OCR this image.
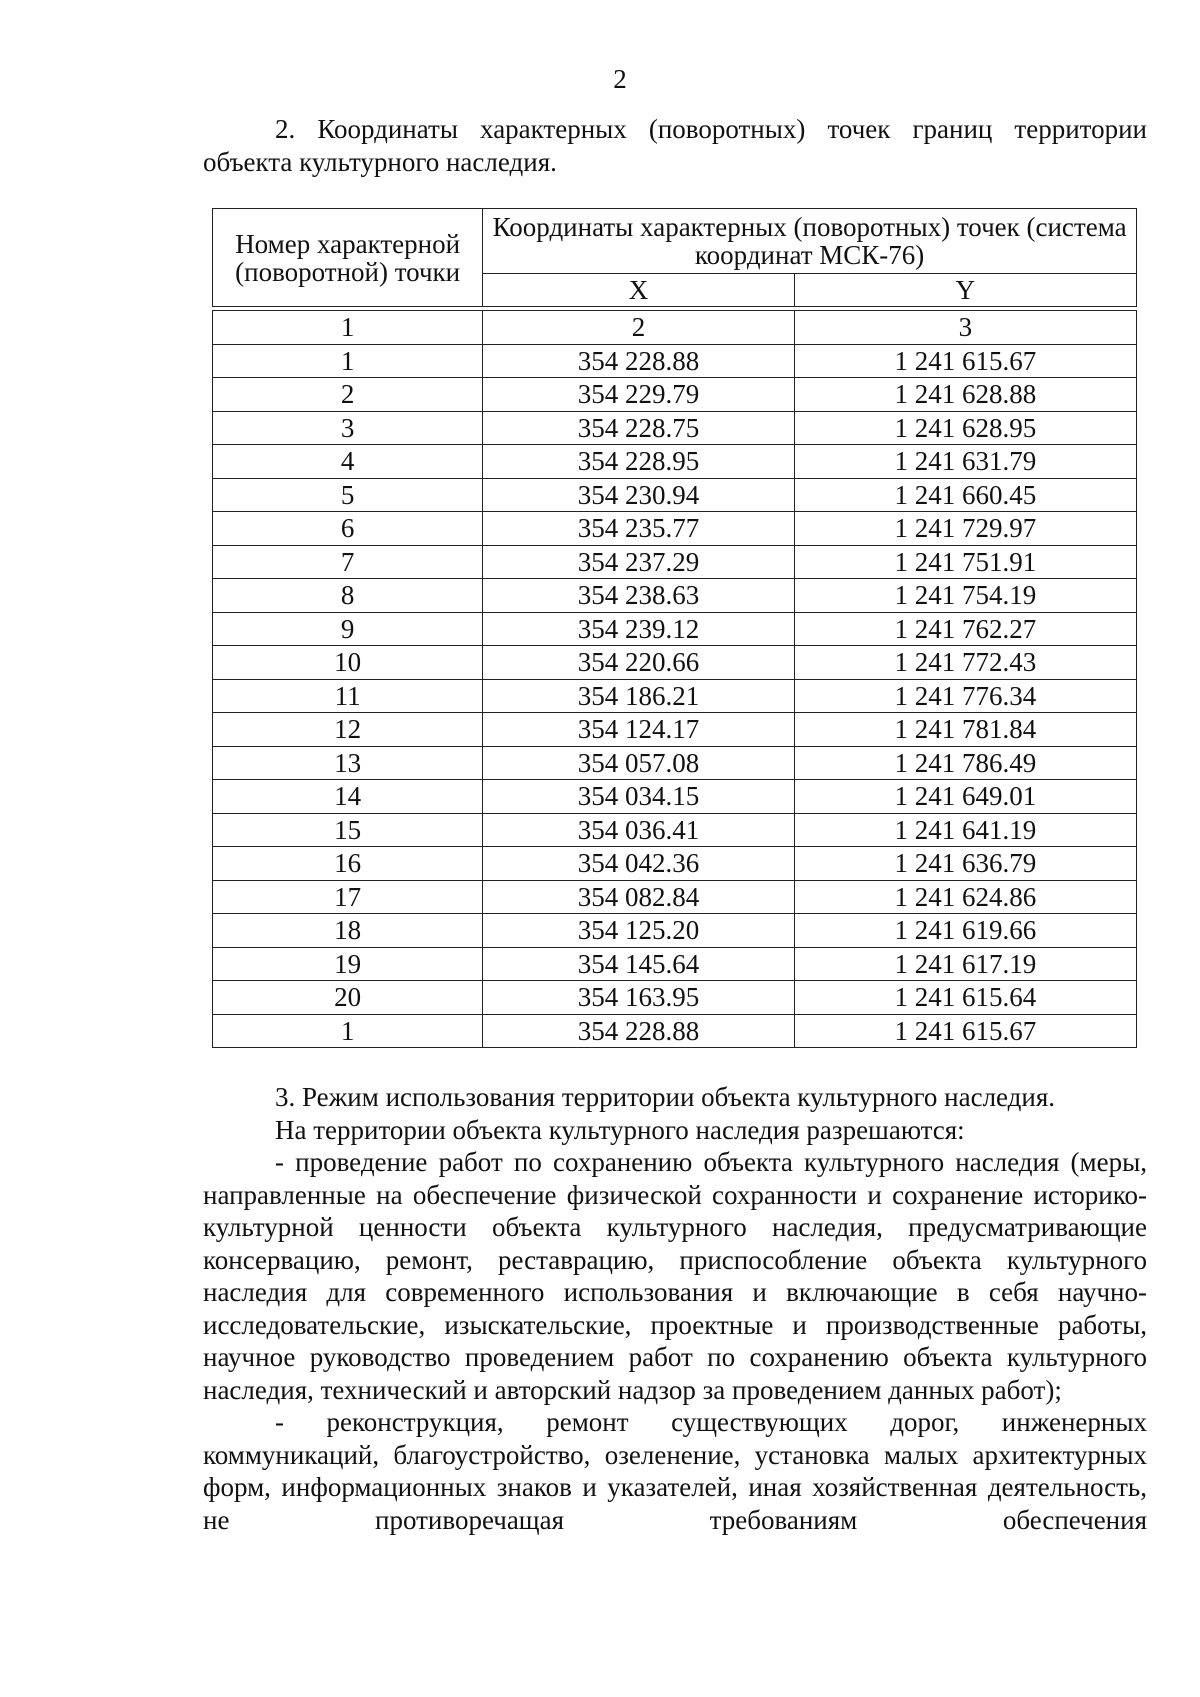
2
2. Координаты характерных (поворотных) точек границ территории объекта культурного наследия.
Номер характерной (поворотной) точки	Координаты характерных (поворотных) точек (система координат МСК-76)	
	X	Y

1	2	3
1	354 228.88	1 241 615.67
2	354 229.79	1 241 628.88
3	354 228.75	1 241 628.95
4	354 228.95	1 241 631.79
5	354 230.94	1 241 660.45
6	354 235.77	1 241 729.97
7	354 237.29	1 241 751.91
8	354 238.63	1 241 754.19
9	354 239.12	1 241 762.27
10	354 220.66	1 241 772.43
11	354 186.21	1 241 776.34
12	354 124.17	1 241 781.84
13	354 057.08	1 241 786.49
14	354 034.15	1 241 649.01
15	354 036.41	1 241 641.19
16	354 042.36	1 241 636.79
17	354 082.84	1 241 624.86
18	354 125.20	1 241 619.66
19	354 145.64	1 241 617.19
20	354 163.95	1 241 615.64
1	354 228.88	1 241 615.67

3. Режим использования территории объекта культурного наследия.

На территории объекта культурного наследия разрешаются:

- проведение работ по сохранению объекта культурного наследия (меры, направленные на обеспечение физической сохранности и сохранение историко-культурной ценности объекта культурного наследия, предусматривающие консервацию, ремонт, реставрацию, приспособление объекта культурного наследия для современного использования и включающие в себя научно-исследовательские, изыскательские, проектные и производственные работы, научное руководство проведением работ по сохранению объекта культурного наследия, технический и авторский надзор за проведением данных работ);

- реконструкция, ремонт существующих дорог, инженерных коммуникаций, благоустройство, озеленение, установка малых архитектурных форм, информационных знаков и указателей, иная хозяйственная деятельность, не противоречащая требованиям обеспечения
